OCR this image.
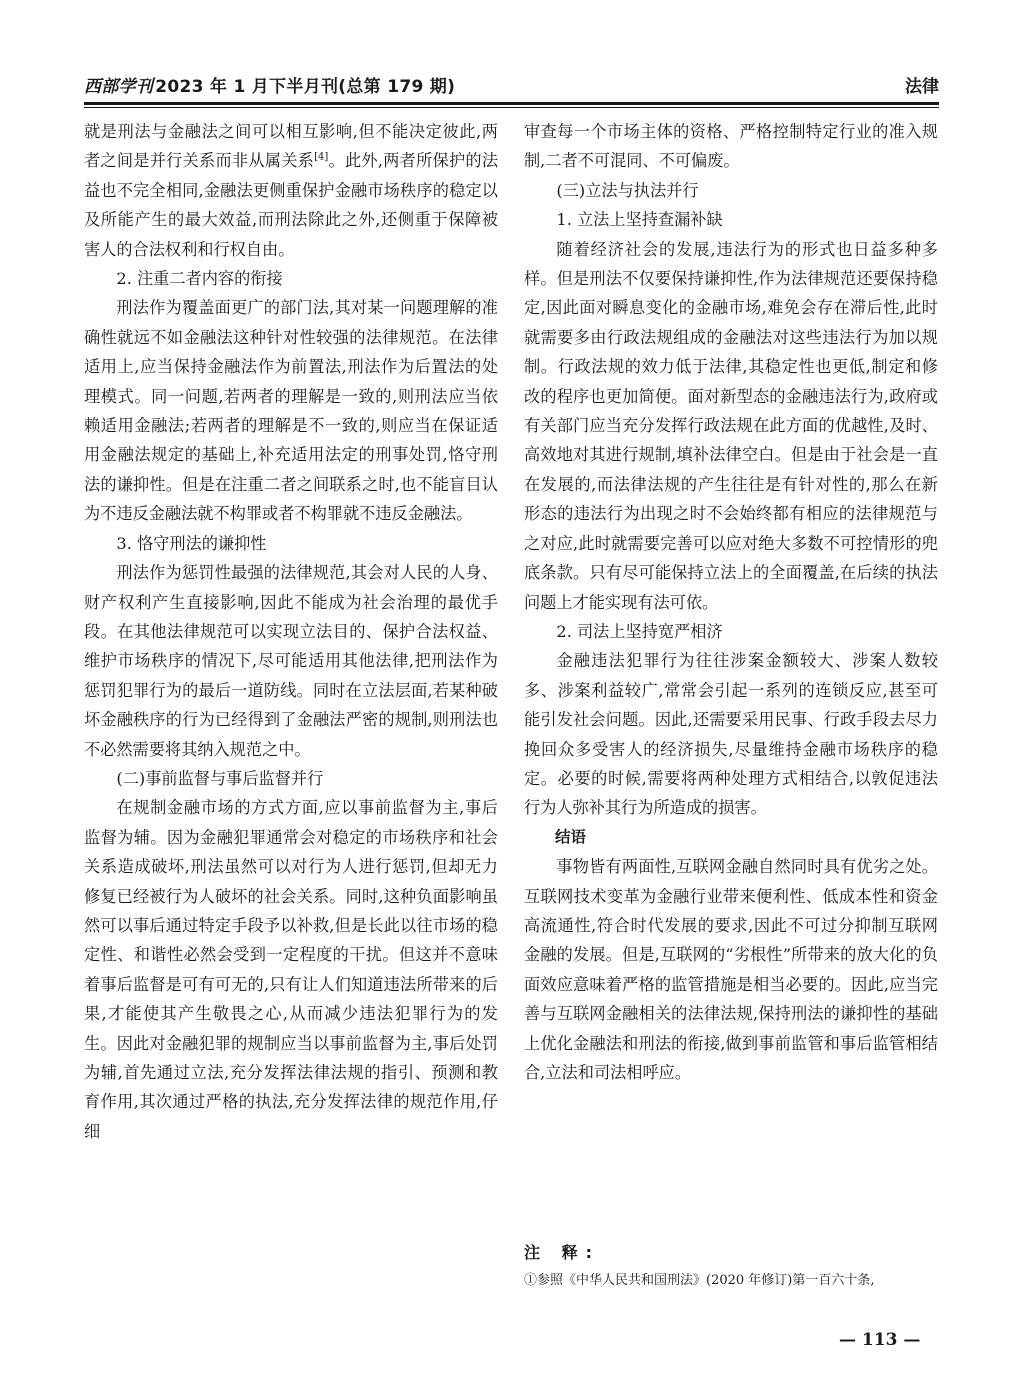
西部学刊 2023 年 1 月下半月刊(总第 179 期)	法律

就是刑法与金融法之间可以相互影响,但不能决定彼此,两者之间是并行关系而非从属关系[4]。此外,两者所保护的法益也不完全相同,金融法更侧重保护金融市场秩序的稳定以及所能产生的最大效益,而刑法除此之外,还侧重于保障被害人的合法权利和行权自由。

2. 注重二者内容的衔接

刑法作为覆盖面更广的部门法,其对某一问题理解的准确性就远不如金融法这种针对性较强的法律规范。在法律适用上,应当保持金融法作为前置法,刑法作为后置法的处理模式。同一问题,若两者的理解是一致的,则刑法应当依赖适用金融法;若两者的理解是不一致的,则应当在保证适用金融法规定的基础上,补充适用法定的刑事处罚,恪守刑法的谦抑性。但是在注重二者之间联系之时,也不能盲目认为不违反金融法就不构罪或者不构罪就不违反金融法。

3. 恪守刑法的谦抑性

刑法作为惩罚性最强的法律规范,其会对人民的人身、财产权利产生直接影响,因此不能成为社会治理的最优手段。在其他法律规范可以实现立法目的、保护合法权益、维护市场秩序的情况下,尽可能适用其他法律,把刑法作为惩罚犯罪行为的最后一道防线。同时在立法层面,若某种破坏金融秩序的行为已经得到了金融法严密的规制,则刑法也不必然需要将其纳入规范之中。

(二)事前监督与事后监督并行

在规制金融市场的方式方面,应以事前监督为主,事后监督为辅。因为金融犯罪通常会对稳定的市场秩序和社会关系造成破坏,刑法虽然可以对行为人进行惩罚,但却无力修复已经被行为人破坏的社会关系。同时,这种负面影响虽然可以事后通过特定手段予以补救,但是长此以往市场的稳定性、和谐性必然会受到一定程度的干扰。但这并不意味着事后监督是可有可无的,只有让人们知道违法所带来的后果,才能使其产生敬畏之心,从而减少违法犯罪行为的发生。因此对金融犯罪的规制应当以事前监督为主,事后处罚为辅,首先通过立法,充分发挥法律法规的指引、预测和教育作用,其次通过严格的执法,充分发挥法律的规范作用,仔细

审查每一个市场主体的资格、严格控制特定行业的准入规制,二者不可混同、不可偏废。

(三)立法与执法并行

1. 立法上坚持查漏补缺

随着经济社会的发展,违法行为的形式也日益多种多样。但是刑法不仅要保持谦抑性,作为法律规范还要保持稳定,因此面对瞬息变化的金融市场,难免会存在滞后性,此时就需要多由行政法规组成的金融法对这些违法行为加以规制。行政法规的效力低于法律,其稳定性也更低,制定和修改的程序也更加简便。面对新型态的金融违法行为,政府或有关部门应当充分发挥行政法规在此方面的优越性,及时、高效地对其进行规制,填补法律空白。但是由于社会是一直在发展的,而法律法规的产生往往是有针对性的,那么在新形态的违法行为出现之时不会始终都有相应的法律规范与之对应,此时就需要完善可以应对绝大多数不可控情形的兜底条款。只有尽可能保持立法上的全面覆盖,在后续的执法问题上才能实现有法可依。

2. 司法上坚持宽严相济

金融违法犯罪行为往往涉案金额较大、涉案人数较多、涉案利益较广,常常会引起一系列的连锁反应,甚至可能引发社会问题。因此,还需要采用民事、行政手段去尽力挽回众多受害人的经济损失,尽量维持金融市场秩序的稳定。必要的时候,需要将两种处理方式相结合,以敦促违法行为人弥补其行为所造成的损害。

结语

事物皆有两面性,互联网金融自然同时具有优劣之处。互联网技术变革为金融行业带来便利性、低成本性和资金高流通性,符合时代发展的要求,因此不可过分抑制互联网金融的发展。但是,互联网的“劣根性”所带来的放大化的负面效应意味着严格的监管措施是相当必要的。因此,应当完善与互联网金融相关的法律法规,保持刑法的谦抑性的基础上优化金融法和刑法的衔接,做到事前监管和事后监管相结合,立法和司法相呼应。

注 释:
①参照《中华人民共和国刑法》(2020 年修订)第一百六十条,
— 113 —
